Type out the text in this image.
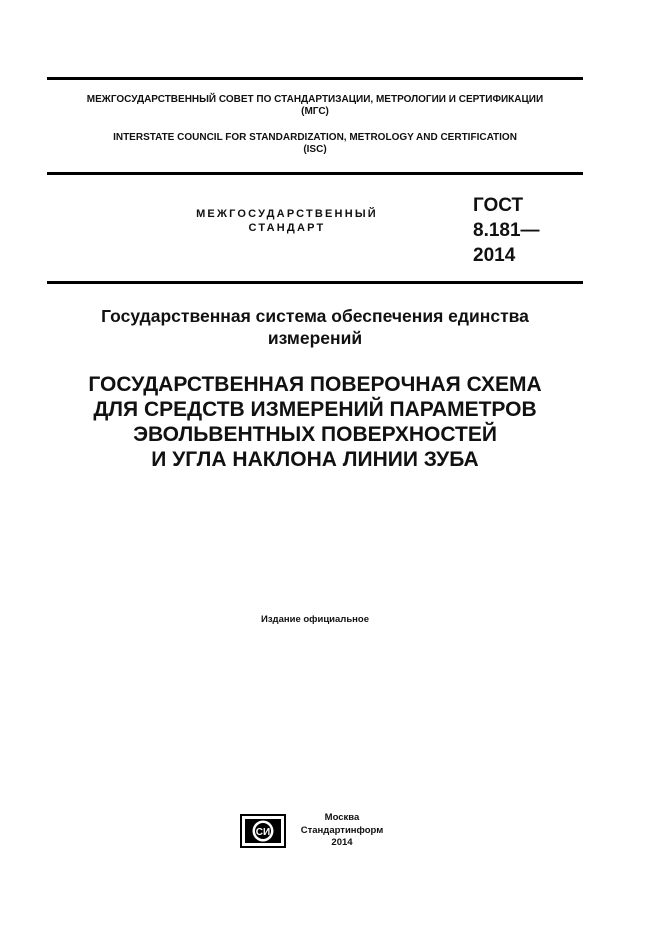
МЕЖГОСУДАРСТВЕННЫЙ СОВЕТ ПО СТАНДАРТИЗАЦИИ, МЕТРОЛОГИИ И СЕРТИФИКАЦИИ
(МГС)
INTERSTATE COUNCIL FOR STANDARDIZATION, METROLOGY AND CERTIFICATION
(ISC)
МЕЖГОСУДАРСТВЕННЫЙ
СТАНДАРТ
ГОСТ
8.181—
2014
Государственная система обеспечения единства
измерений
ГОСУДАРСТВЕННАЯ ПОВЕРОЧНАЯ СХЕМА
ДЛЯ СРЕДСТВ ИЗМЕРЕНИЙ ПАРАМЕТРОВ
ЭВОЛЬВЕНТНЫХ ПОВЕРХНОСТЕЙ
И УГЛА НАКЛОНА ЛИНИИ ЗУБА
Издание официальное
СИ
Москва
Стандартинформ
2014
